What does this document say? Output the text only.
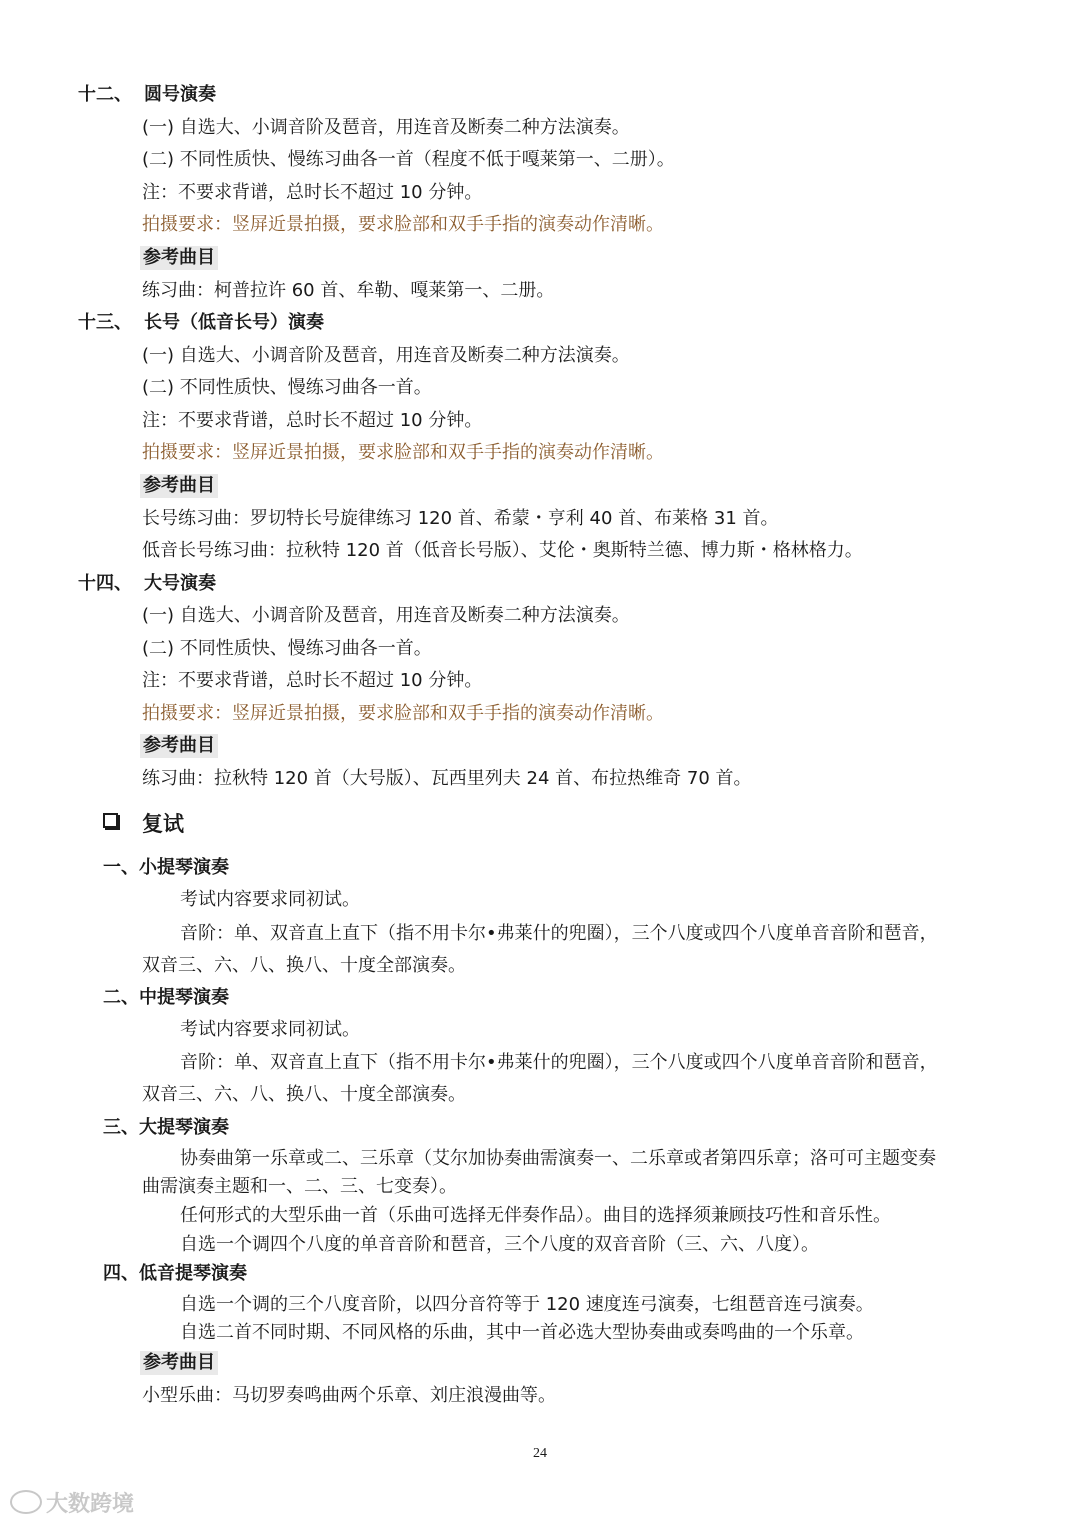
十二、 圆号演奏
(一) 自选大、小调音阶及琶音，用连音及断奏二种方法演奏。
(二) 不同性质快、慢练习曲各一首（程度不低于嘎莱第一、二册）。
注：不要求背谱，总时长不超过 10 分钟。
拍摄要求：竖屏近景拍摄，要求脸部和双手手指的演奏动作清晰。
参考曲目
练习曲：柯普拉许 60 首、牟勒、嘎莱第一、二册。
十三、 长号（低音长号）演奏
(一) 自选大、小调音阶及琶音，用连音及断奏二种方法演奏。
(二) 不同性质快、慢练习曲各一首。
注：不要求背谱，总时长不超过 10 分钟。
拍摄要求：竖屏近景拍摄，要求脸部和双手手指的演奏动作清晰。
参考曲目
长号练习曲：罗切特长号旋律练习 120 首、希蒙・亨利 40 首、布莱格 31 首。
低音长号练习曲：拉秋特 120 首（低音长号版）、艾伦・奥斯特兰德、博力斯・格林格力。
十四、 大号演奏
(一) 自选大、小调音阶及琶音，用连音及断奏二种方法演奏。
(二) 不同性质快、慢练习曲各一首。
注：不要求背谱，总时长不超过 10 分钟。
拍摄要求：竖屏近景拍摄，要求脸部和双手手指的演奏动作清晰。
参考曲目
练习曲：拉秋特 120 首（大号版）、瓦西里列夫 24 首、布拉热维奇 70 首。
复试
一、小提琴演奏
考试内容要求同初试。
音阶：单、双音直上直下（指不用卡尔•弗莱什的兜圈），三个八度或四个八度单音音阶和琶音，
双音三、六、八、换八、十度全部演奏。
二、中提琴演奏
考试内容要求同初试。
音阶：单、双音直上直下（指不用卡尔•弗莱什的兜圈），三个八度或四个八度单音音阶和琶音，
双音三、六、八、换八、十度全部演奏。
三、大提琴演奏
协奏曲第一乐章或二、三乐章（艾尔加协奏曲需演奏一、二乐章或者第四乐章；洛可可主题变奏
曲需演奏主题和一、二、三、七变奏）。
任何形式的大型乐曲一首（乐曲可选择无伴奏作品）。曲目的选择须兼顾技巧性和音乐性。
自选一个调四个八度的单音音阶和琶音，三个八度的双音音阶（三、六、八度）。
四、低音提琴演奏
自选一个调的三个八度音阶，以四分音符等于 120 速度连弓演奏，七组琶音连弓演奏。
自选二首不同时期、不同风格的乐曲，其中一首必选大型协奏曲或奏鸣曲的一个乐章。
参考曲目
小型乐曲：马切罗奏鸣曲两个乐章、刘庄浪漫曲等。
24
大数跨境
